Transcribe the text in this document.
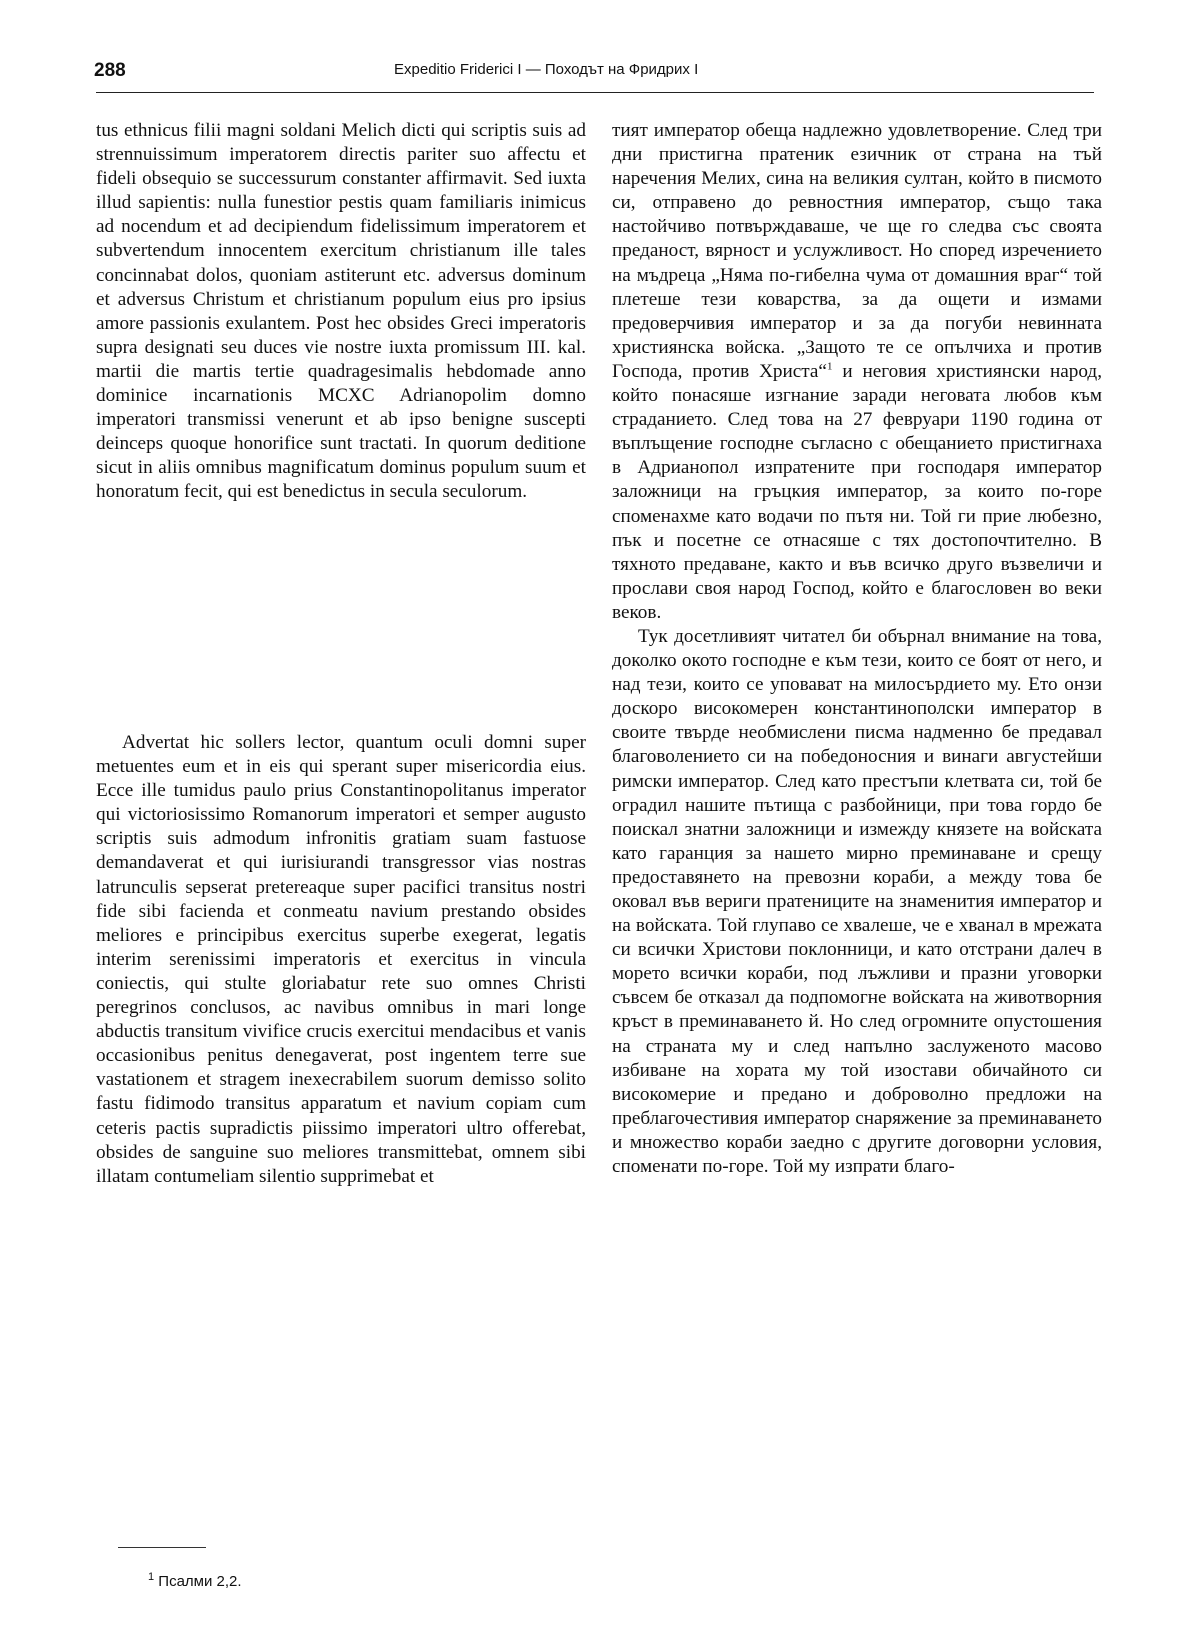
288	Expeditio Friderici I — Походът на Фридрих I

tus ethnicus filii magni soldani Melich dicti qui scriptis suis ad strennuissimum imperatorem directis pariter suo affectu et fideli obsequio se successurum constanter affirmavit. Sed iuxta illud sapientis: nulla funestior pestis quam familiaris inimicus ad nocendum et ad decipiendum fidelissimum imperatorem et subvertendum innocentem exercitum christianum ille tales concinnabat dolos, quoniam astiterunt etc. adversus dominum et adversus Christum et christianum populum eius pro ipsius amore passionis exulantem. Post hec obsides Greci imperatoris supra designati seu duces vie nostre iuxta promissum III. kal. martii die martis tertie quadragesimalis hebdomade anno dominice incarnationis MCXC Adrianopolim domno imperatori transmissi venerunt et ab ipso benigne suscepti deinceps quoque honorifice sunt tractati. In quorum deditione sicut in aliis omnibus magnificatum dominus populum suum et honoratum fecit, qui est benedictus in secula seculorum.

Advertat hic sollers lector, quantum oculi domni super metuentes eum et in eis qui sperant super misericordia eius. Ecce ille tumidus paulo prius Constantinopolitanus imperator qui victoriosissimo Romanorum imperatori et semper augusto scriptis suis admodum infronitis gratiam suam fastuose demandaverat et qui iurisiurandi transgressor vias nostras latrunculis sepserat pretereaque super pacifici transitus nostri fide sibi facienda et conmeatu navium prestando obsides meliores e principibus exercitus superbe exegerat, legatis interim serenissimi imperatoris et exercitus in vincula coniectis, qui stulte gloriabatur rete suo omnes Christi peregrinos conclusos, ac navibus omnibus in mari longe abductis transitum vivifice crucis exercitui mendacibus et vanis occasionibus penitus denegaverat, post ingentem terre sue vastationem et stragem inexecrabilem suorum demisso solito fastu fidimodo transitus apparatum et navium copiam cum ceteris pactis supradictis piissimo imperatori ultro offerebat, obsides de sanguine suo meliores transmittebat, omnem sibi illatam contumeliam silentio supprimebat et

тият император обеща надлежно удовлетворение. След три дни пристигна пратеник езичник от страна на тъй наречения Мелих, сина на великия султан, който в писмото си, отправено до ревностния император, също така настойчиво потвърждаваше, че ще го следва със своята преданост, вярност и услужливост. Но според изречението на мъдреца „Няма по-гибелна чума от домашния враг“ той плетеше тези коварства, за да ощети и измами предоверчивия император и за да погуби невинната християнска войска. „Защото те се опълчиха и против Господа, против Христа“$^1$ и неговия християнски народ, който понасяше изгнание заради неговата любов към страданието. След това на 27 февруари 1190 година от въплъщение господне съгласно с обещанието пристигнаха в Адрианопол изпратените при господаря император заложници на гръцкия император, за които по-горе споменахме като водачи по пътя ни. Той ги прие любезно, пък и посетне се отнасяше с тях достопочтително. В тяхното предаване, както и във всичко друго възвеличи и прослави своя народ Господ, който е благословен во веки веков.

Тук досетливият читател би обърнал внимание на това, доколко окото господне е към тези, които се боят от него, и над тези, които се уповават на милосърдието му. Ето онзи доскоро високомерен константинополски император в своите твърде необмислени писма надменно бе предавал благоволението си на победоносния и винаги августейши римски император. След като престъпи клетвата си, той бе оградил нашите пътища с разбойници, при това гордо бе поискал знатни заложници и измежду князете на войската като гаранция за нашето мирно преминаване и срещу предоставянето на превозни кораби, а между това бе оковал във вериги пратениците на знаменития император и на войската. Той глупаво се хвалеше, че е хванал в мрежата си всички Христови поклонници, и като отстрани далеч в морето всички кораби, под лъжливи и празни уговорки съвсем бе отказал да подпомогне войската на животворния кръст в преминаването й. Но след огромните опустошения на страната му и след напълно заслуженото масово избиване на хората му той изостави обичайното си високомерие и предано и доброволно предложи на преблагочестивия император снаряжение за преминаването и множество кораби заедно с другите договорни условия, споменати по-горе. Той му изпрати благо-

$^1$ Псалми 2,2.
